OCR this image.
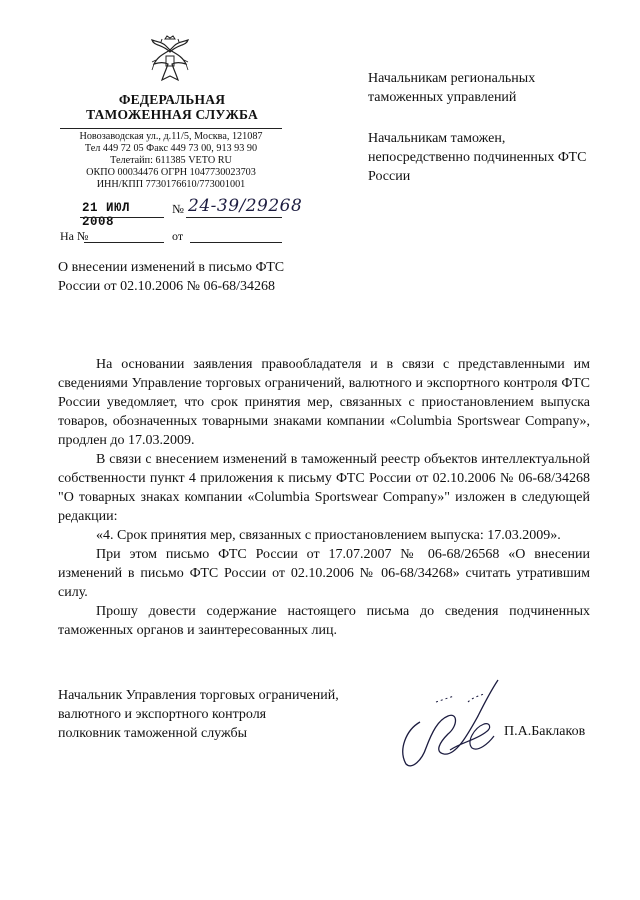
ФЕДЕРАЛЬНАЯ
ТАМОЖЕННАЯ СЛУЖБА
Новозаводская ул., д.11/5, Москва, 121087
Тел 449 72 05 Факс 449 73 00, 913 93 90
Телетайп: 611385 VETO RU
ОКПО 00034476 ОГРН 1047730023703
ИНН/КПП 7730176610/773001001
21 ИЮЛ 2008
№ 24-39/29268
На №	от
Начальникам региональных таможенных управлений
Начальникам таможен, непосредственно подчиненных ФТС России
О внесении изменений в письмо ФТС России от 02.10.2006 № 06-68/34268

На основании заявления правообладателя и в связи с представленными им сведениями Управление торговых ограничений, валютного и экспортного контроля ФТС России уведомляет, что срок принятия мер, связанных с приостановлением выпуска товаров, обозначенных товарными знаками компании «Columbia Sportswear Company», продлен до 17.03.2009.

В связи с внесением изменений в таможенный реестр объектов интеллектуальной собственности пункт 4 приложения к письму ФТС России от 02.10.2006 № 06-68/34268 "О товарных знаках компании «Columbia Sportswear Company»" изложен в следующей редакции:

«4. Срок принятия мер, связанных с приостановлением выпуска: 17.03.2009».

При этом письмо ФТС России от 17.07.2007 № 06-68/26568 «О внесении изменений в письмо ФТС России от 02.10.2006 № 06-68/34268» считать утратившим силу.

Прошу довести содержание настоящего письма до сведения подчиненных таможенных органов и заинтересованных лиц.

Начальник Управления торговых ограничений,
валютного и экспортного контроля
полковник таможенной службы	П.А.Баклаков
